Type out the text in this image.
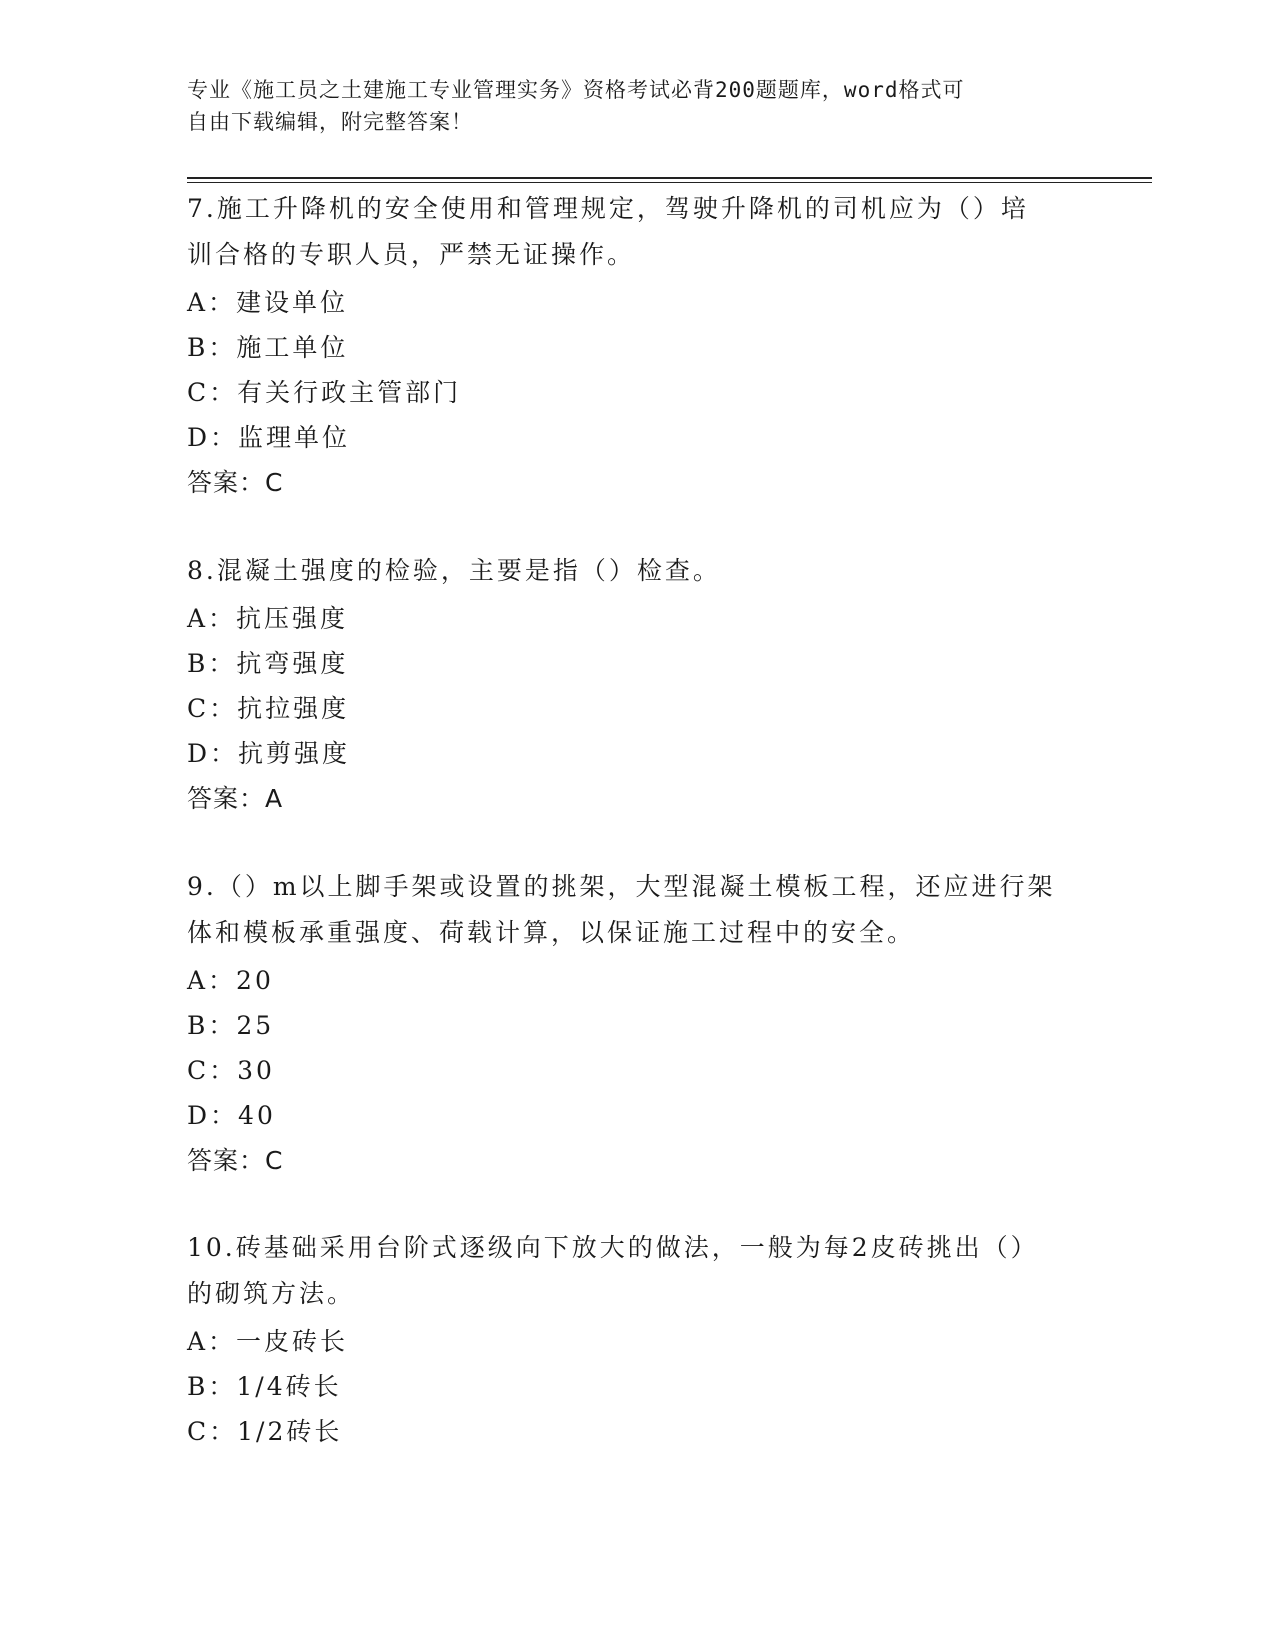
专业《施工员之土建施工专业管理实务》资格考试必背200题题库，word格式可
自由下载编辑，附完整答案！
7.施工升降机的安全使用和管理规定，驾驶升降机的司机应为（）培
训合格的专职人员，严禁无证操作。
A：建设单位
B：施工单位
C：有关行政主管部门
D：监理单位
答案：C
8.混凝土强度的检验，主要是指（）检查。
A：抗压强度
B：抗弯强度
C：抗拉强度
D：抗剪强度
答案：A
9.（）m以上脚手架或设置的挑架，大型混凝土模板工程，还应进行架
体和模板承重强度、荷载计算，以保证施工过程中的安全。
A：20
B：25
C：30
D：40
答案：C
10.砖基础采用台阶式逐级向下放大的做法，一般为每2皮砖挑出（）
的砌筑方法。
A：一皮砖长
B：1/4砖长
C：1/2砖长
